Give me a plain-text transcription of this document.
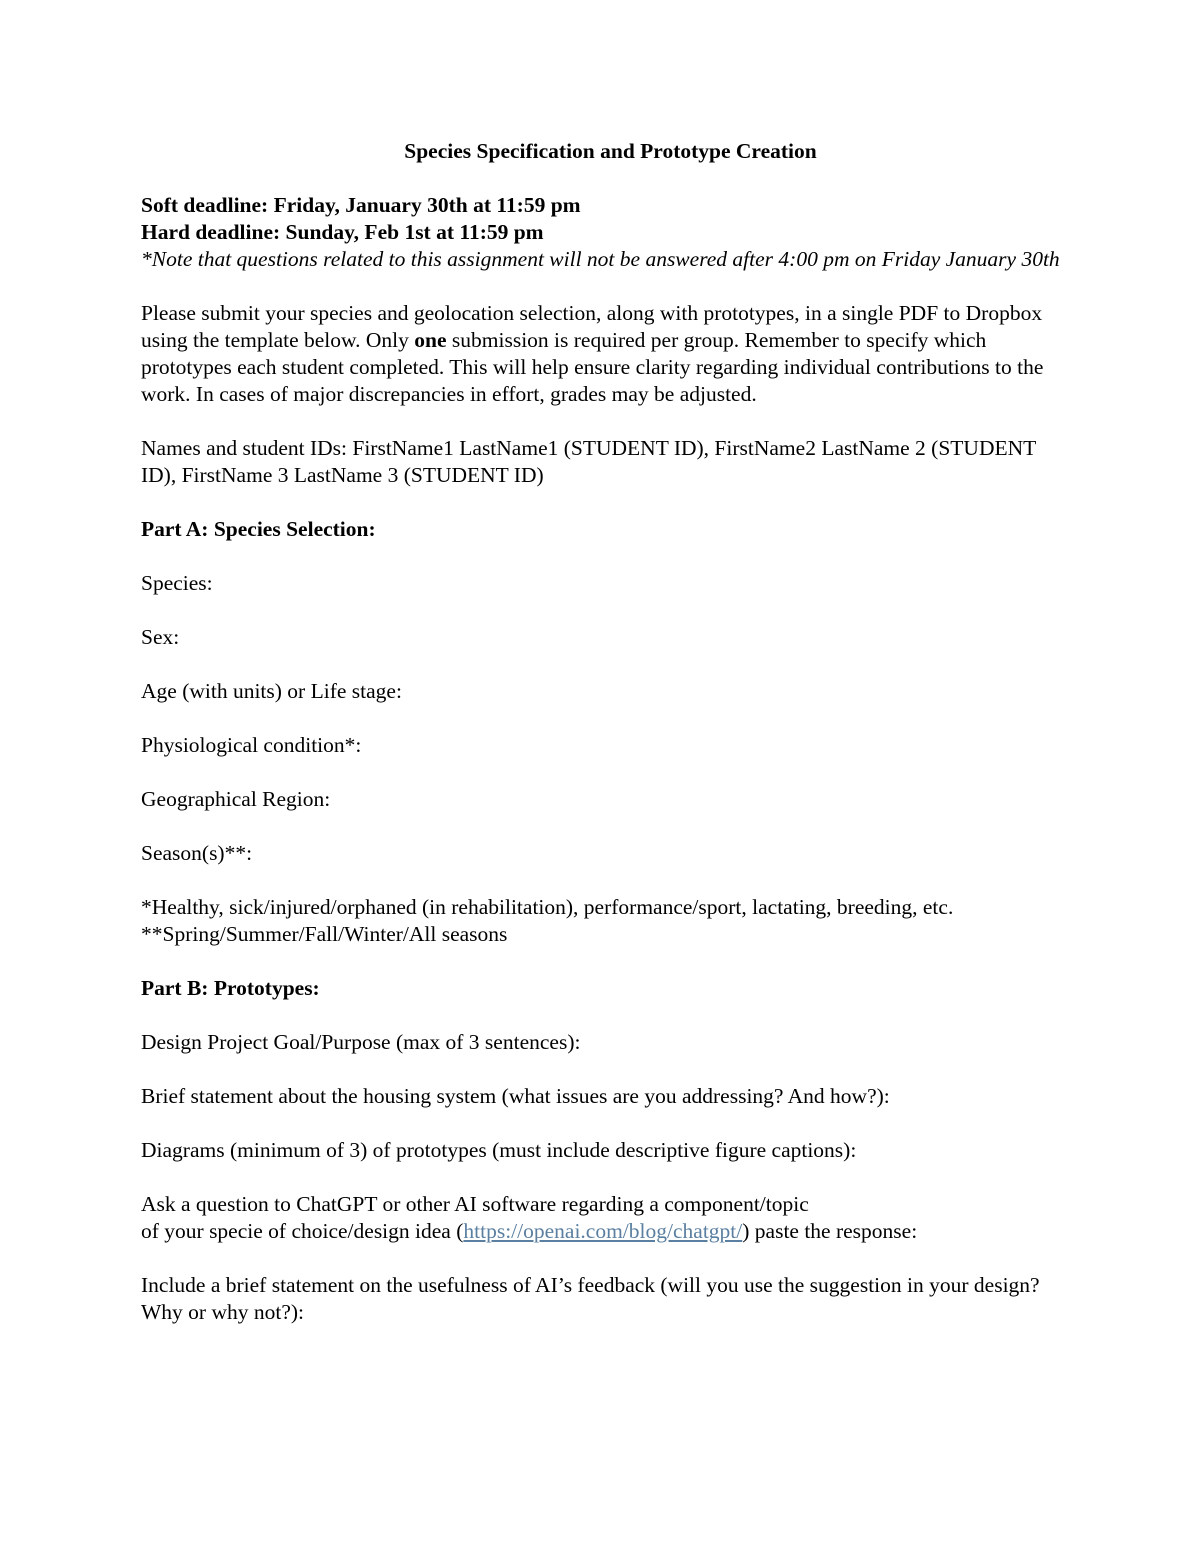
Species Specification and Prototype Creation

Soft deadline: Friday, January 30th at 11:59 pm

Hard deadline: Sunday, Feb 1st at 11:59 pm

*Note that questions related to this assignment will not be answered after 4:00 pm on Friday January 30th

Please submit your species and geolocation selection, along with prototypes, in a single PDF to Dropbox using the template below. Only one submission is required per group. Remember to specify which prototypes each student completed. This will help ensure clarity regarding individual contributions to the work. In cases of major discrepancies in effort, grades may be adjusted.

Names and student IDs: FirstName1 LastName1 (STUDENT ID), FirstName2 LastName 2 (STUDENT ID), FirstName 3 LastName 3 (STUDENT ID)

Part A: Species Selection:

Species:

Sex:

Age (with units) or Life stage:

Physiological condition*:

Geographical Region:

Season(s)**:

*Healthy, sick/injured/orphaned (in rehabilitation), performance/sport, lactating, breeding, etc.

**Spring/Summer/Fall/Winter/All seasons

Part B: Prototypes:

Design Project Goal/Purpose (max of 3 sentences):

Brief statement about the housing system (what issues are you addressing? And how?):

Diagrams (minimum of 3) of prototypes (must include descriptive figure captions):

Ask a question to ChatGPT or other AI software regarding a component/topic

of your specie of choice/design idea (https://openai.com/blog/chatgpt/) paste the response:

Include a brief statement on the usefulness of AI’s feedback (will you use the suggestion in your design? Why or why not?):
